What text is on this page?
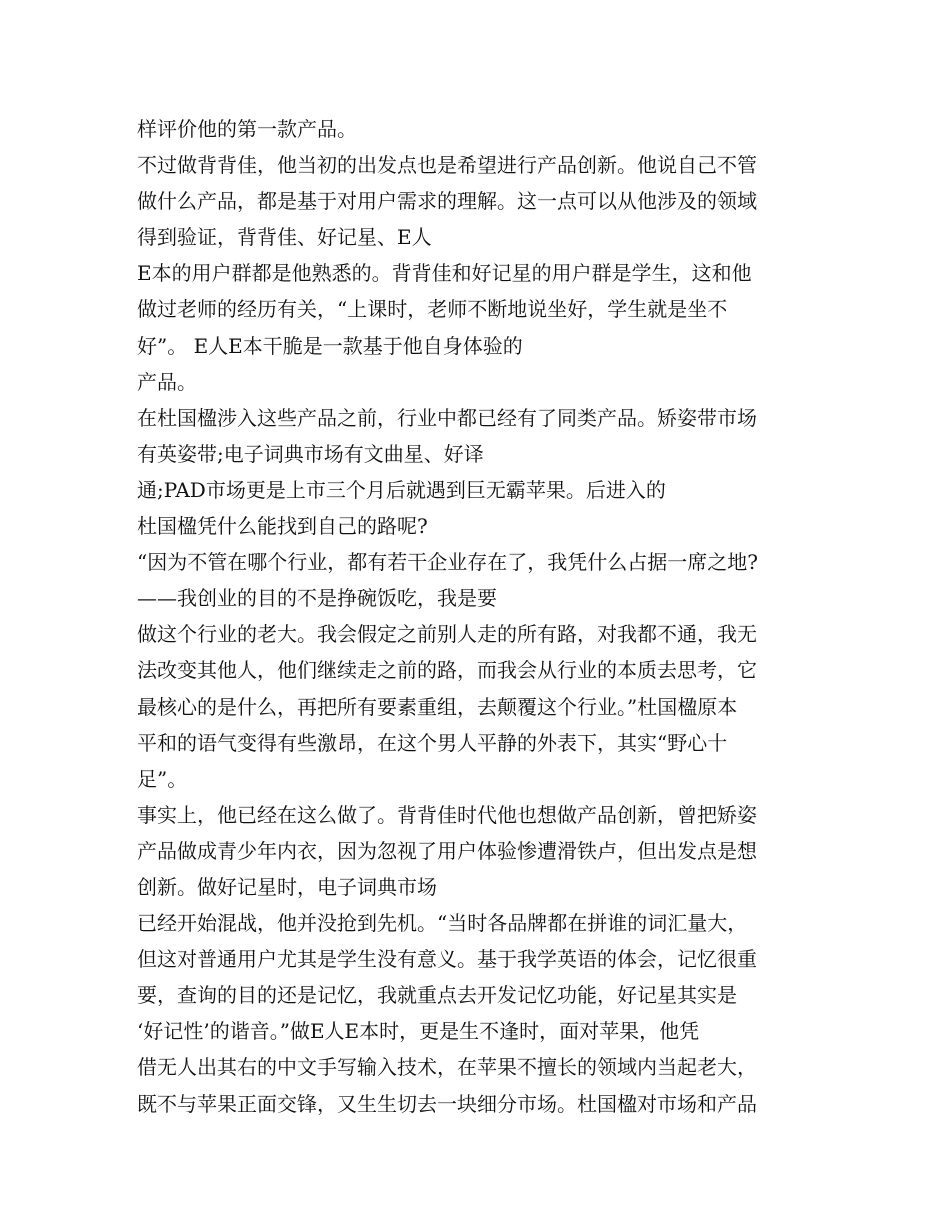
样评价他的第一款产品。
不过做背背佳，他当初的出发点也是希望进行产品创新。他说自己不管
做什么产品，都是基于对用户需求的理解。这一点可以从他涉及的领域
得到验证，背背佳、好记星、E人
E本的用户群都是他熟悉的。背背佳和好记星的用户群是学生，这和他
做过老师的经历有关，“上课时，老师不断地说坐好，学生就是坐不
好”。 E人E本干脆是一款基于他自身体验的
产品。
在杜国楹涉入这些产品之前，行业中都已经有了同类产品。矫姿带市场
有英姿带;电子词典市场有文曲星、好译
通;PAD市场更是上市三个月后就遇到巨无霸苹果。后进入的
杜国楹凭什么能找到自己的路呢?
“因为不管在哪个行业，都有若干企业存在了，我凭什么占据一席之地?
——我创业的目的不是挣碗饭吃，我是要
做这个行业的老大。我会假定之前别人走的所有路，对我都不通，我无
法改变其他人，他们继续走之前的路，而我会从行业的本质去思考，它
最核心的是什么，再把所有要素重组，去颠覆这个行业。”杜国楹原本
平和的语气变得有些激昂，在这个男人平静的外表下，其实“野心十
足”。
事实上，他已经在这么做了。背背佳时代他也想做产品创新，曾把矫姿
产品做成青少年内衣，因为忽视了用户体验惨遭滑铁卢，但出发点是想
创新。做好记星时，电子词典市场
已经开始混战，他并没抢到先机。“当时各品牌都在拼谁的词汇量大，
但这对普通用户尤其是学生没有意义。基于我学英语的体会，记忆很重
要，查询的目的还是记忆，我就重点去开发记忆功能，好记星其实是
‘好记性’的谐音。”做E人E本时，更是生不逢时，面对苹果，他凭
借无人出其右的中文手写输入技术，在苹果不擅长的领域内当起老大，
既不与苹果正面交锋，又生生切去一块细分市场。杜国楹对市场和产品
